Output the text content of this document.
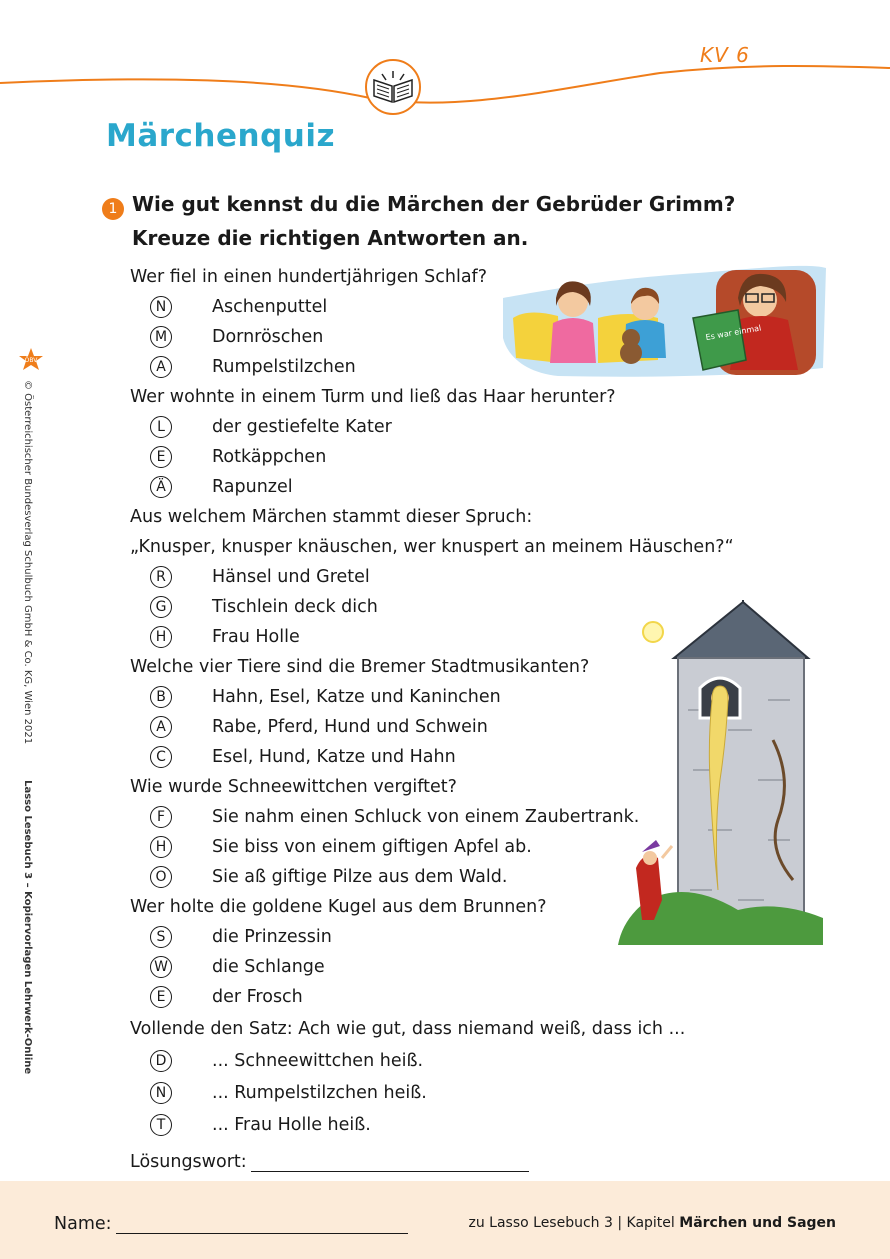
KV 6
Märchenquiz
1 Wie gut kennst du die Märchen der Gebrüder Grimm?
Kreuze die richtigen Antworten an.
Wer fiel in einen hundertjährigen Schlaf?
N	Aschenputtel
M	Dornröschen
A	Rumpelstilzchen
Wer wohnte in einem Turm und ließ das Haar herunter?
L	der gestiefelte Kater
E	Rotkäppchen
Ä	Rapunzel
Aus welchem Märchen stammt dieser Spruch:
„Knusper, knusper knäuschen, wer knuspert an meinem Häuschen?“
R	Hänsel und Gretel
G	Tischlein deck dich
H	Frau Holle
Welche vier Tiere sind die Bremer Stadtmusikanten?
B	Hahn, Esel, Katze und Kaninchen
A	Rabe, Pferd, Hund und Schwein
C	Esel, Hund, Katze und Hahn
Wie wurde Schneewittchen vergiftet?
F	Sie nahm einen Schluck von einem Zaubertrank.
H	Sie biss von einem giftigen Apfel ab.
O	Sie aß giftige Pilze aus dem Wald.
Wer holte die goldene Kugel aus dem Brunnen?
S	die Prinzessin
W	die Schlange
E	der Frosch
Vollende den Satz: Ach wie gut, dass niemand weiß, dass ich ...
D	... Schneewittchen heiß.
N	... Rumpelstilzchen heiß.
T	... Frau Holle heiß.
Lösungswort:
Es war einmal
ÖBV
© Österreichischer Bundesverlag Schulbuch GmbH & Co. KG, Wien 2021Lasso Lesebuch 3 – Kopiervorlagen Lehrwerk-Online
Name:	zu Lasso Lesebuch 3 | Kapitel Märchen und Sagen
